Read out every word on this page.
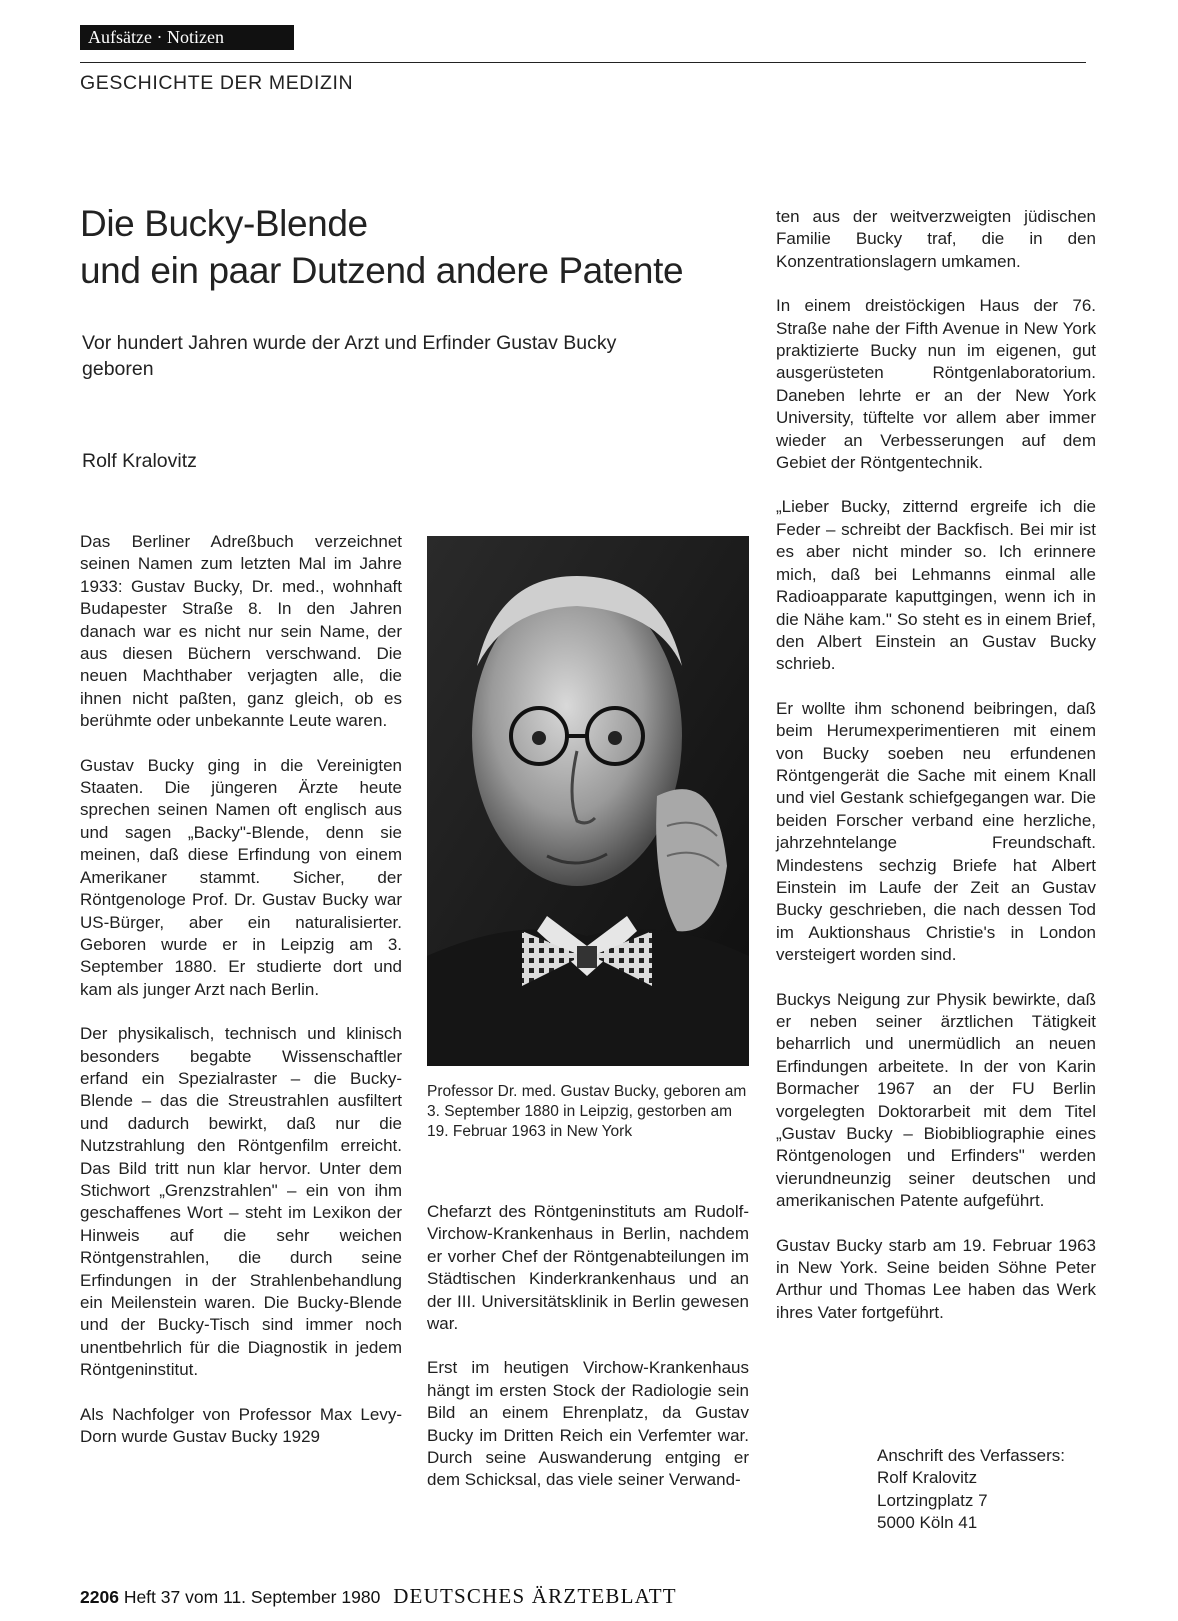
Aufsätze · Notizen
GESCHICHTE DER MEDIZIN
Die Bucky-Blende
und ein paar Dutzend andere Patente
Vor hundert Jahren wurde der Arzt und Erfinder Gustav Bucky geboren
Rolf Kralovitz

Das Berliner Adreßbuch verzeichnet seinen Namen zum letzten Mal im Jahre 1933: Gustav Bucky, Dr. med., wohnhaft Budapester Straße 8. In den Jahren danach war es nicht nur sein Name, der aus diesen Büchern verschwand. Die neuen Machthaber verjagten alle, die ihnen nicht paßten, ganz gleich, ob es berühmte oder unbekannte Leute waren.

Gustav Bucky ging in die Vereinigten Staaten. Die jüngeren Ärzte heute sprechen seinen Namen oft englisch aus und sagen „Backy"-Blende, denn sie meinen, daß diese Erfindung von einem Amerikaner stammt. Sicher, der Röntgenologe Prof. Dr. Gustav Bucky war US-Bürger, aber ein naturalisierter. Geboren wurde er in Leipzig am 3. September 1880. Er studierte dort und kam als junger Arzt nach Berlin.

Der physikalisch, technisch und klinisch besonders begabte Wissenschaftler erfand ein Spezialraster – die Bucky-Blende – das die Streustrahlen ausfiltert und dadurch bewirkt, daß nur die Nutzstrahlung den Röntgenfilm erreicht. Das Bild tritt nun klar hervor. Unter dem Stichwort „Grenzstrahlen" – ein von ihm geschaffenes Wort – steht im Lexikon der Hinweis auf die sehr weichen Röntgenstrahlen, die durch seine Erfindungen in der Strahlenbehandlung ein Meilenstein waren. Die Bucky-Blende und der Bucky-Tisch sind immer noch unentbehrlich für die Diagnostik in jedem Röntgeninstitut.

Als Nachfolger von Professor Max Levy-Dorn wurde Gustav Bucky 1929

Professor Dr. med. Gustav Bucky, geboren am 3. September 1880 in Leipzig, gestorben am 19. Februar 1963 in New York

Chefarzt des Röntgeninstituts am Rudolf-Virchow-Krankenhaus in Berlin, nachdem er vorher Chef der Röntgenabteilungen im Städtischen Kinderkrankenhaus und an der III. Universitätsklinik in Berlin gewesen war.

Erst im heutigen Virchow-Krankenhaus hängt im ersten Stock der Radiologie sein Bild an einem Ehrenplatz, da Gustav Bucky im Dritten Reich ein Verfemter war. Durch seine Auswanderung entging er dem Schicksal, das viele seiner Verwand-

ten aus der weitverzweigten jüdischen Familie Bucky traf, die in den Konzentrationslagern umkamen.

In einem dreistöckigen Haus der 76. Straße nahe der Fifth Avenue in New York praktizierte Bucky nun im eigenen, gut ausgerüsteten Röntgenlaboratorium. Daneben lehrte er an der New York University, tüftelte vor allem aber immer wieder an Verbesserungen auf dem Gebiet der Röntgentechnik.

„Lieber Bucky, zitternd ergreife ich die Feder – schreibt der Backfisch. Bei mir ist es aber nicht minder so. Ich erinnere mich, daß bei Lehmanns einmal alle Radioapparate kaputtgingen, wenn ich in die Nähe kam." So steht es in einem Brief, den Albert Einstein an Gustav Bucky schrieb.

Er wollte ihm schonend beibringen, daß beim Herumexperimentieren mit einem von Bucky soeben neu erfundenen Röntgengerät die Sache mit einem Knall und viel Gestank schiefgegangen war. Die beiden Forscher verband eine herzliche, jahrzehntelange Freundschaft. Mindestens sechzig Briefe hat Albert Einstein im Laufe der Zeit an Gustav Bucky geschrieben, die nach dessen Tod im Auktionshaus Christie's in London versteigert worden sind.

Buckys Neigung zur Physik bewirkte, daß er neben seiner ärztlichen Tätigkeit beharrlich und unermüdlich an neuen Erfindungen arbeitete. In der von Karin Bormacher 1967 an der FU Berlin vorgelegten Doktorarbeit mit dem Titel „Gustav Bucky – Biobibliographie eines Röntgenologen und Erfinders" werden vierundneunzig seiner deutschen und amerikanischen Patente aufgeführt.

Gustav Bucky starb am 19. Februar 1963 in New York. Seine beiden Söhne Peter Arthur und Thomas Lee haben das Werk ihres Vater fortgeführt.

Anschrift des Verfassers:
Rolf Kralovitz
Lortzingplatz 7
5000 Köln 41
2206 Heft 37 vom 11. September 1980 DEUTSCHES ÄRZTEBLATT
